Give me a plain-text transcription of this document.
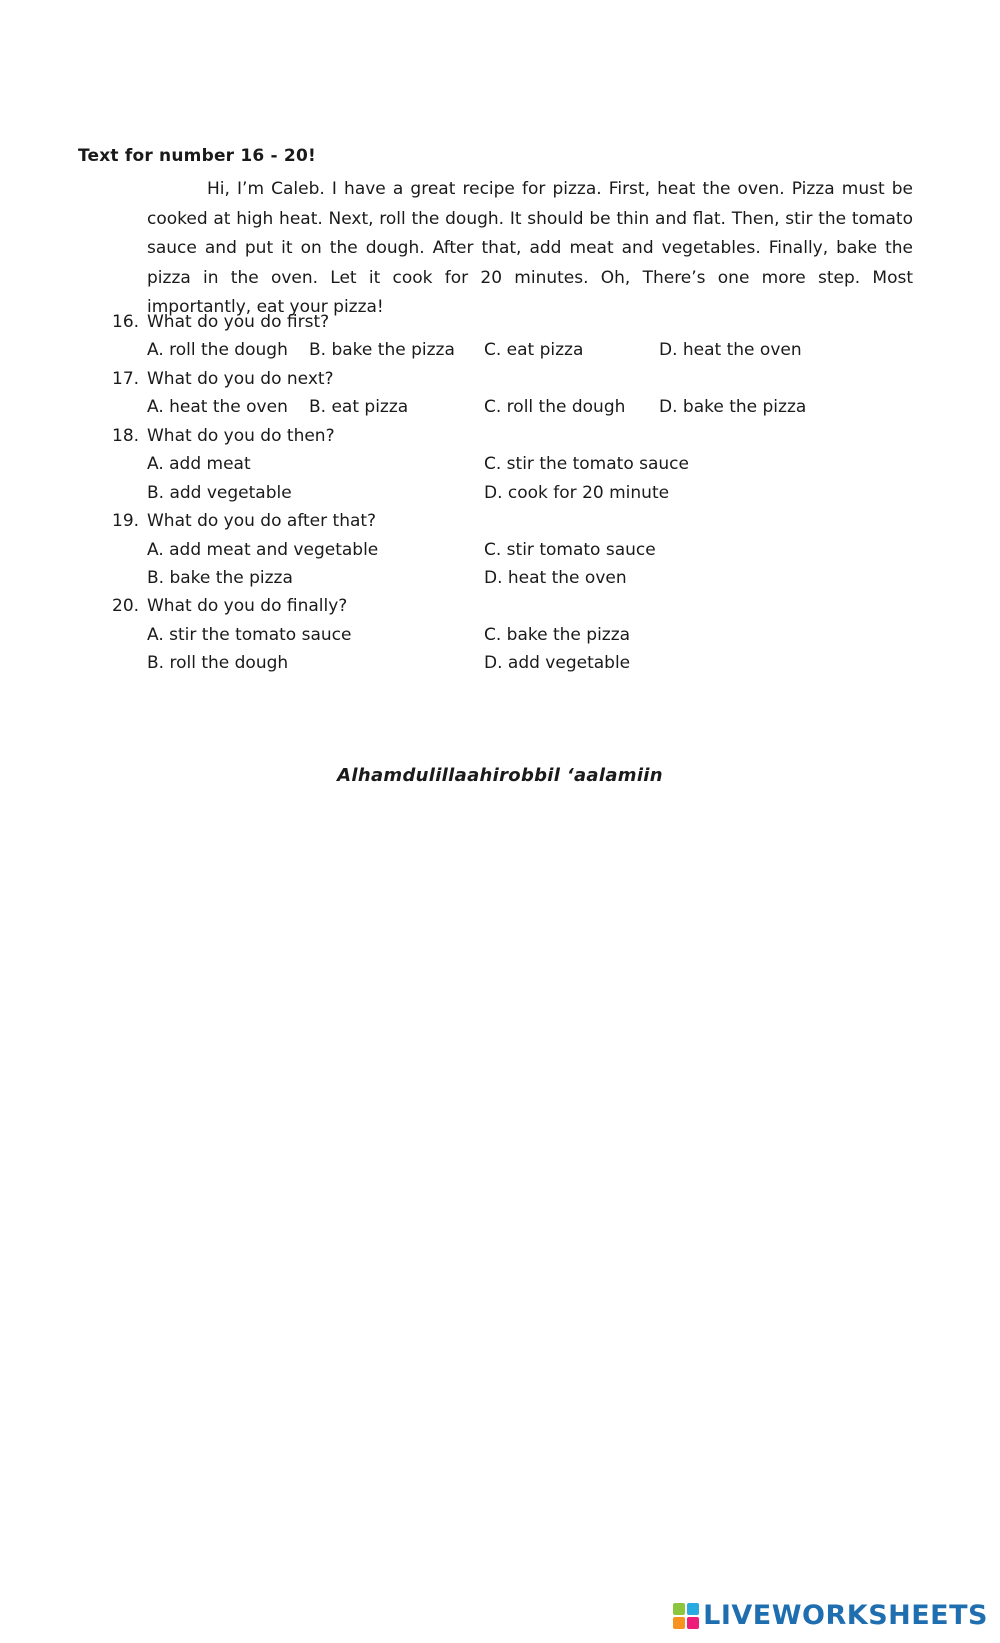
Text for number 16 - 20!

Hi, I’m Caleb. I have a great recipe for pizza. First, heat the oven. Pizza must be cooked at high heat. Next, roll the dough. It should be thin and flat. Then, stir the tomato sauce and put it on the dough. After that, add meat and vegetables. Finally, bake the pizza in the oven. Let it cook for 20 minutes. Oh, There’s one more step. Most importantly, eat your pizza!

16. What do you do first?
A. roll the dough B. bake the pizza C. eat pizza	D. heat the oven
17. What do you do next?
A. heat the oven B. eat pizza	C. roll the dough D. bake the pizza
18. What do you do then?
A. add meat	C. stir the tomato sauce
B. add vegetable	D. cook for 20 minute
19. What do you do after that?
A. add meat and vegetable	C. stir tomato sauce
B. bake the pizza	D. heat the oven
20. What do you do finally?
A. stir the tomato sauce	C. bake the pizza
B. roll the dough	D. add vegetable
Alhamdulillaahirobbil ‘aalamiin
LIVEWORKSHEETS
